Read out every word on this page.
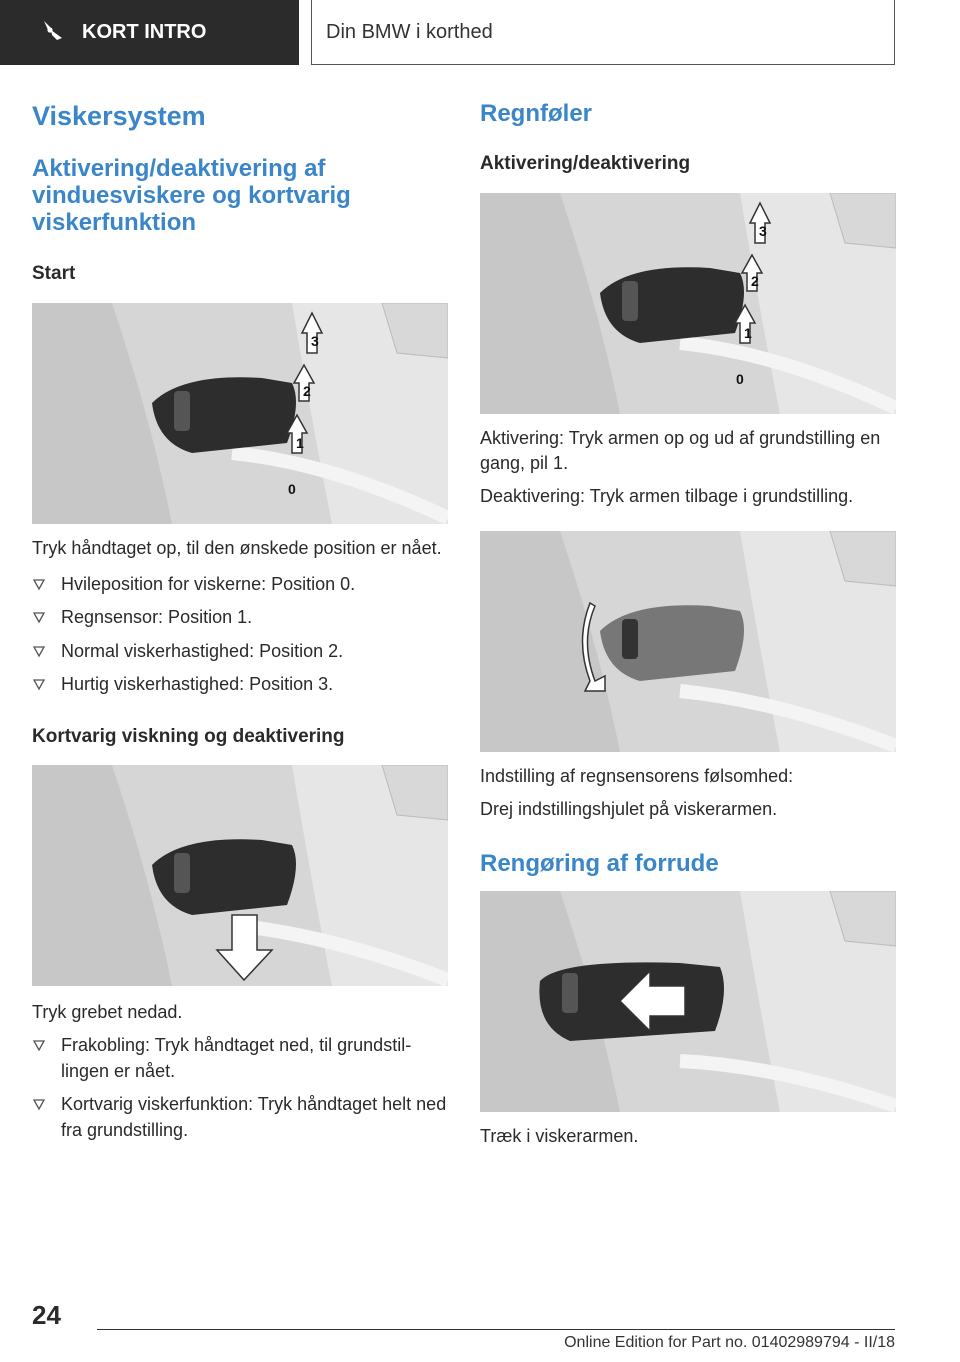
KORT INTRO	Din BMW i korthed
Viskersystem
Aktivering/deaktivering af vinduesviskere og kortvarig viskerfunktion
Start
0
1
2
3

Tryk håndtaget op, til den ønskede position er nået.

Hvileposition for viskerne: Position 0.
Regnsensor: Position 1.
Normal viskerhastighed: Position 2.
Hurtig viskerhastighed: Position 3.
Kortvarig viskning og deaktivering

Tryk grebet nedad.

Frakobling: Tryk håndtaget ned, til grundstil-lingen er nået.
Kortvarig viskerfunktion: Tryk håndtaget helt ned fra grundstilling.
Regnføler
Aktivering/deaktivering
0
1
2
3

Aktivering: Tryk armen op og ud af grundstilling en gang, pil 1.

Deaktivering: Tryk armen tilbage i grundstilling.

Indstilling af regnsensorens følsomhed:

Drej indstillingshjulet på viskerarmen.

Rengøring af forrude

Træk i viskerarmen.

24
Online Edition for Part no. 01402989794 - II/18
